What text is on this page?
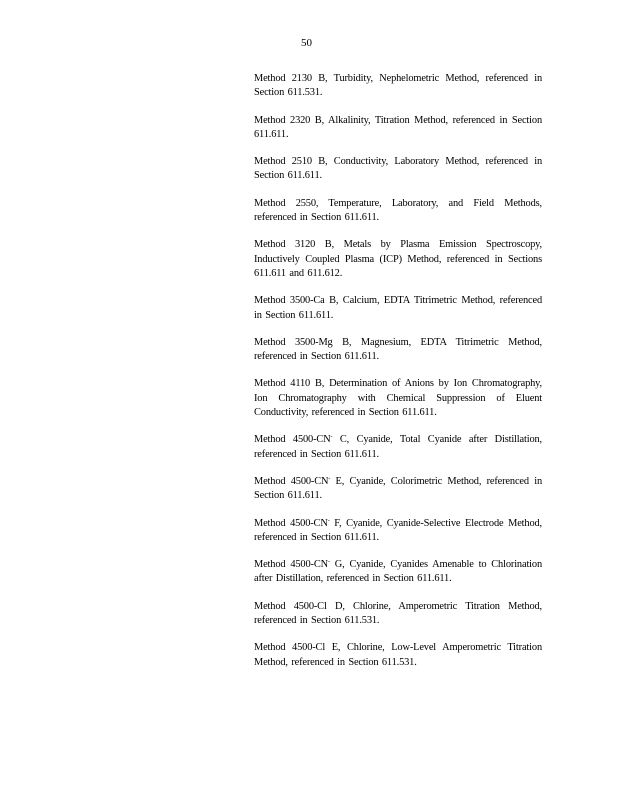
50

Method 2130 B, Turbidity, Nephelometric Method, referenced in Section 611.531.

Method 2320 B, Alkalinity, Titration Method, referenced in Section 611.611.

Method 2510 B, Conductivity, Laboratory Method, referenced in Section 611.611.

Method 2550, Temperature, Laboratory, and Field Methods, referenced in Section 611.611.

Method 3120 B, Metals by Plasma Emission Spectroscopy, Inductively Coupled Plasma (ICP) Method, referenced in Sections 611.611 and 611.612.

Method 3500-Ca B, Calcium, EDTA Titrimetric Method, referenced in Section 611.611.

Method 3500-Mg B, Magnesium, EDTA Titrimetric Method, referenced in Section 611.611.

Method 4110 B, Determination of Anions by Ion Chromatography, Ion Chromatography with Chemical Suppression of Eluent Conductivity, referenced in Section 611.611.

Method 4500-CN- C, Cyanide, Total Cyanide after Distillation, referenced in Section 611.611.

Method 4500-CN- E, Cyanide, Colorimetric Method, referenced in Section 611.611.

Method 4500-CN- F, Cyanide, Cyanide-Selective Electrode Method, referenced in Section 611.611.

Method 4500-CN- G, Cyanide, Cyanides Amenable to Chlorination after Distillation, referenced in Section 611.611.

Method 4500-Cl D, Chlorine, Amperometric Titration Method, referenced in Section 611.531.

Method 4500-Cl E, Chlorine, Low-Level Amperometric Titration Method, referenced in Section 611.531.
